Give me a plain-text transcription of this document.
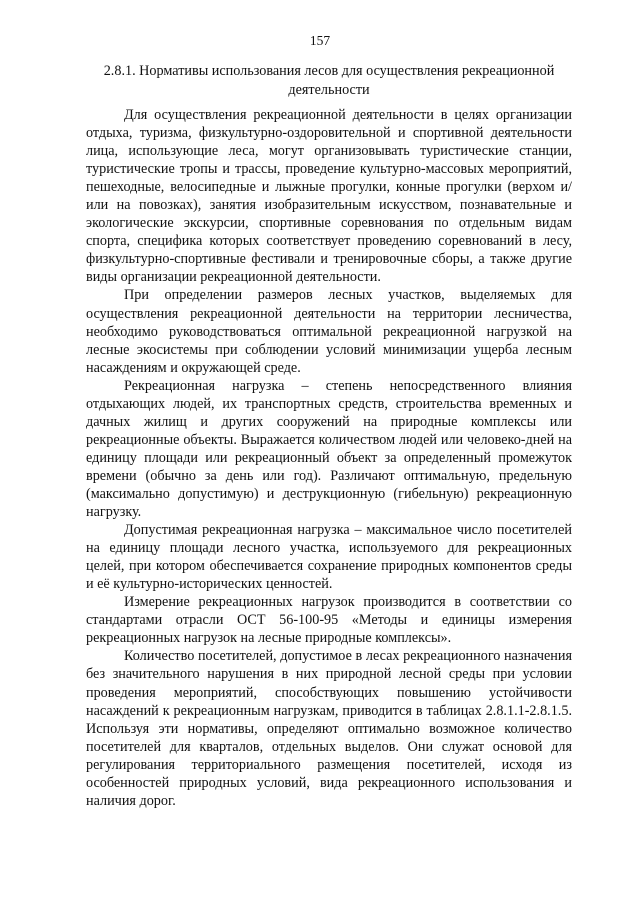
157
2.8.1. Нормативы использования лесов для осуществления рекреационной деятельности

Для осуществления рекреационной деятельности в целях организации отдыха, туризма, физкультурно-оздоровительной и спортивной деятельности лица, использующие леса, могут организовывать туристические станции, туристические тропы и трассы, проведение культурно-массовых мероприятий, пешеходные, велосипедные и лыжные прогулки, конные прогулки (верхом и/или на повозках), занятия изобразительным искусством, познавательные и экологические экскурсии, спортивные соревнования по отдельным видам спорта, специфика которых соответствует проведению соревнований в лесу, физкультурно-спортивные фестивали и тренировочные сборы, а также другие виды организации рекреационной деятельности.

При определении размеров лесных участков, выделяемых для осуществления рекреационной деятельности на территории лесничества, необходимо руководствоваться оптимальной рекреационной нагрузкой на лесные экосистемы при соблюдении условий минимизации ущерба лесным насаждениям и окружающей среде.

Рекреационная нагрузка – степень непосредственного влияния отдыхающих людей, их транспортных средств, строительства временных и дачных жилищ и других сооружений на природные комплексы или рекреационные объекты. Выражается количеством людей или человеко-дней на единицу площади или рекреационный объект за определенный промежуток времени (обычно за день или год). Различают оптимальную, предельную (максимально допустимую) и деструкционную (гибельную) рекреационную нагрузку.

Допустимая рекреационная нагрузка – максимальное число посетителей на единицу площади лесного участка, используемого для рекреационных целей, при котором обеспечивается сохранение природных компонентов среды и её культурно-исторических ценностей.

Измерение рекреационных нагрузок производится в соответствии со стандартами отрасли ОСТ 56-100-95 «Методы и единицы измерения рекреационных нагрузок на лесные природные комплексы».

Количество посетителей, допустимое в лесах рекреационного назначения без значительного нарушения в них природной лесной среды при условии проведения мероприятий, способствующих повышению устойчивости насаждений к рекреационным нагрузкам, приводится в таблицах 2.8.1.1-2.8.1.5. Используя эти нормативы, определяют оптимально возможное количество посетителей для кварталов, отдельных выделов. Они служат основой для регулирования территориального размещения посетителей, исходя из особенностей природных условий, вида рекреационного использования и наличия дорог.
